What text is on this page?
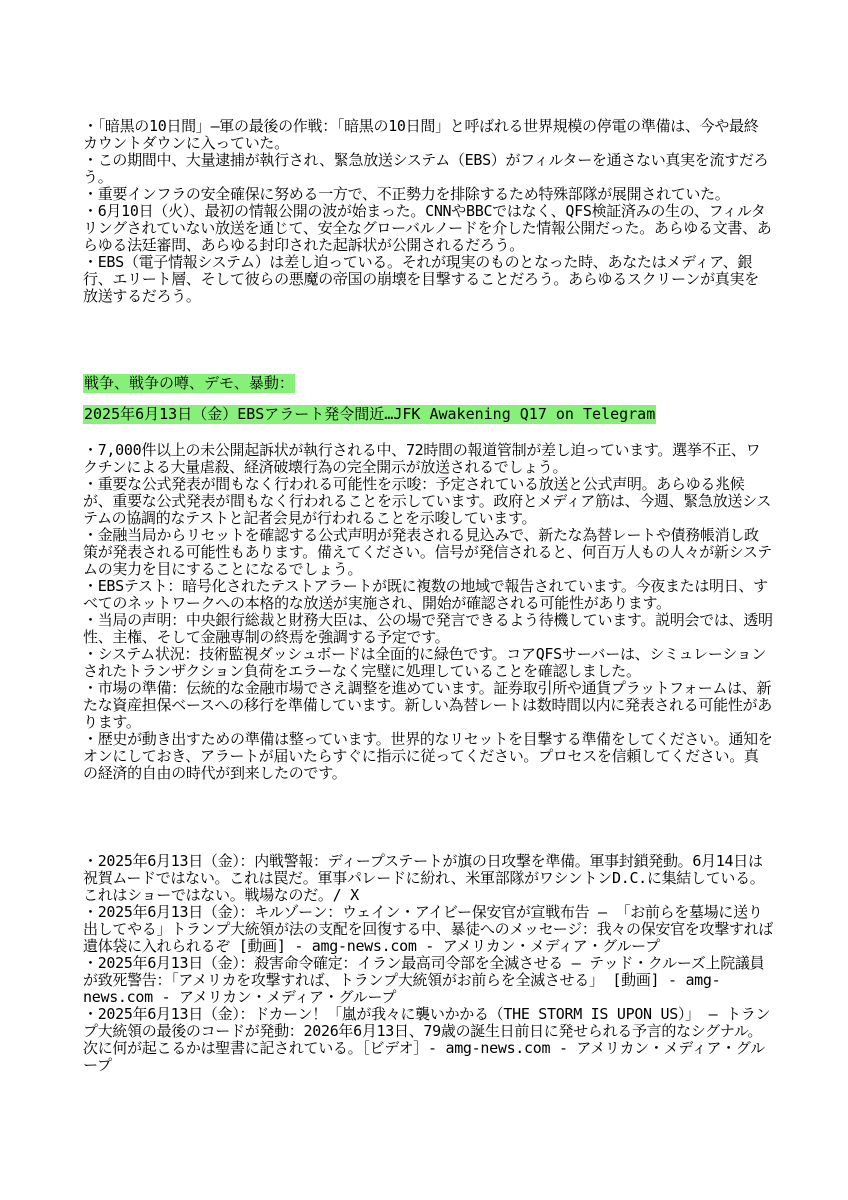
・「暗黒の10日間」—軍の最後の作戦：「暗黒の10日間」と呼ばれる世界規模の停電の準備は、今や最終カウントダウンに入っていた。

・この期間中、大量逮捕が執行され、緊急放送システム（EBS）がフィルターを通さない真実を流すだろう。

・重要インフラの安全確保に努める一方で、不正勢力を排除するため特殊部隊が展開されていた。

・6月10日（火）、最初の情報公開の波が始まった。CNNやBBCではなく、QFS検証済みの生の、フィルタリングされていない放送を通じて、安全なグローバルノードを介した情報公開だった。あらゆる文書、あらゆる法廷審問、あらゆる封印された起訴状が公開されるだろう。

・EBS（電子情報システム）は差し迫っている。それが現実のものとなった時、あなたはメディア、銀行、エリート層、そして彼らの悪魔の帝国の崩壊を目撃することだろう。あらゆるスクリーンが真実を放送するだろう。

戦争、戦争の噂、デモ、暴動：
2025年6月13日（金）EBSアラート発令間近…JFK Awakening Q17 on Telegram

・7,000件以上の未公開起訴状が執行される中、72時間の報道管制が差し迫っています。選挙不正、ワクチンによる大量虐殺、経済破壊行為の完全開示が放送されるでしょう。

・重要な公式発表が間もなく行われる可能性を示唆：予定されている放送と公式声明。あらゆる兆候が、重要な公式発表が間もなく行われることを示しています。政府とメディア筋は、今週、緊急放送システムの協調的なテストと記者会見が行われることを示唆しています。

・金融当局からリセットを確認する公式声明が発表される見込みで、新たな為替レートや債務帳消し政策が発表される可能性もあります。備えてください。信号が発信されると、何百万人もの人々が新システムの実力を目にすることになるでしょう。

・EBSテスト：暗号化されたテストアラートが既に複数の地域で報告されています。今夜または明日、すべてのネットワークへの本格的な放送が実施され、開始が確認される可能性があります。

・当局の声明：中央銀行総裁と財務大臣は、公の場で発言できるよう待機しています。説明会では、透明性、主権、そして金融専制の終焉を強調する予定です。

・システム状況：技術監視ダッシュボードは全面的に緑色です。コアQFSサーバーは、シミュレーションされたトランザクション負荷をエラーなく完璧に処理していることを確認しました。

・市場の準備：伝統的な金融市場でさえ調整を進めています。証券取引所や通貨プラットフォームは、新たな資産担保ベースへの移行を準備しています。新しい為替レートは数時間以内に発表される可能性があります。

・歴史が動き出すための準備は整っています。世界的なリセットを目撃する準備をしてください。通知をオンにしておき、アラートが届いたらすぐに指示に従ってください。プロセスを信頼してください。真の経済的自由の時代が到来したのです。

・2025年6月13日（金）：内戦警報：ディープステートが旗の日攻撃を準備。軍事封鎖発動。6月14日は祝賀ムードではない。これは罠だ。軍事パレードに紛れ、米軍部隊がワシントンD.C.に集結している。これはショーではない。戦場なのだ。/ X

・2025年6月13日（金）：キルゾーン：ウェイン・アイビー保安官が宣戦布告 — 「お前らを墓場に送り出してやる」トランプ大統領が法の支配を回復する中、暴徒へのメッセージ：我々の保安官を攻撃すれば遺体袋に入れられるぞ [動画] - amg-news.com - アメリカン・メディア・グループ

・2025年6月13日（金）：殺害命令確定：イラン最高司令部を全滅させる — テッド・クルーズ上院議員が致死警告：「アメリカを攻撃すれば、トランプ大統領がお前らを全滅させる」 [動画] - amg-news.com - アメリカン・メディア・グループ

・2025年6月13日（金）：ドカーン！「嵐が我々に襲いかかる（THE STORM IS UPON US）」 — トランプ大統領の最後のコードが発動：2026年6月13日、79歳の誕生日前日に発せられる予言的なシグナル。次に何が起こるかは聖書に記されている。［ビデオ］- amg-news.com - アメリカン・メディア・グループ
